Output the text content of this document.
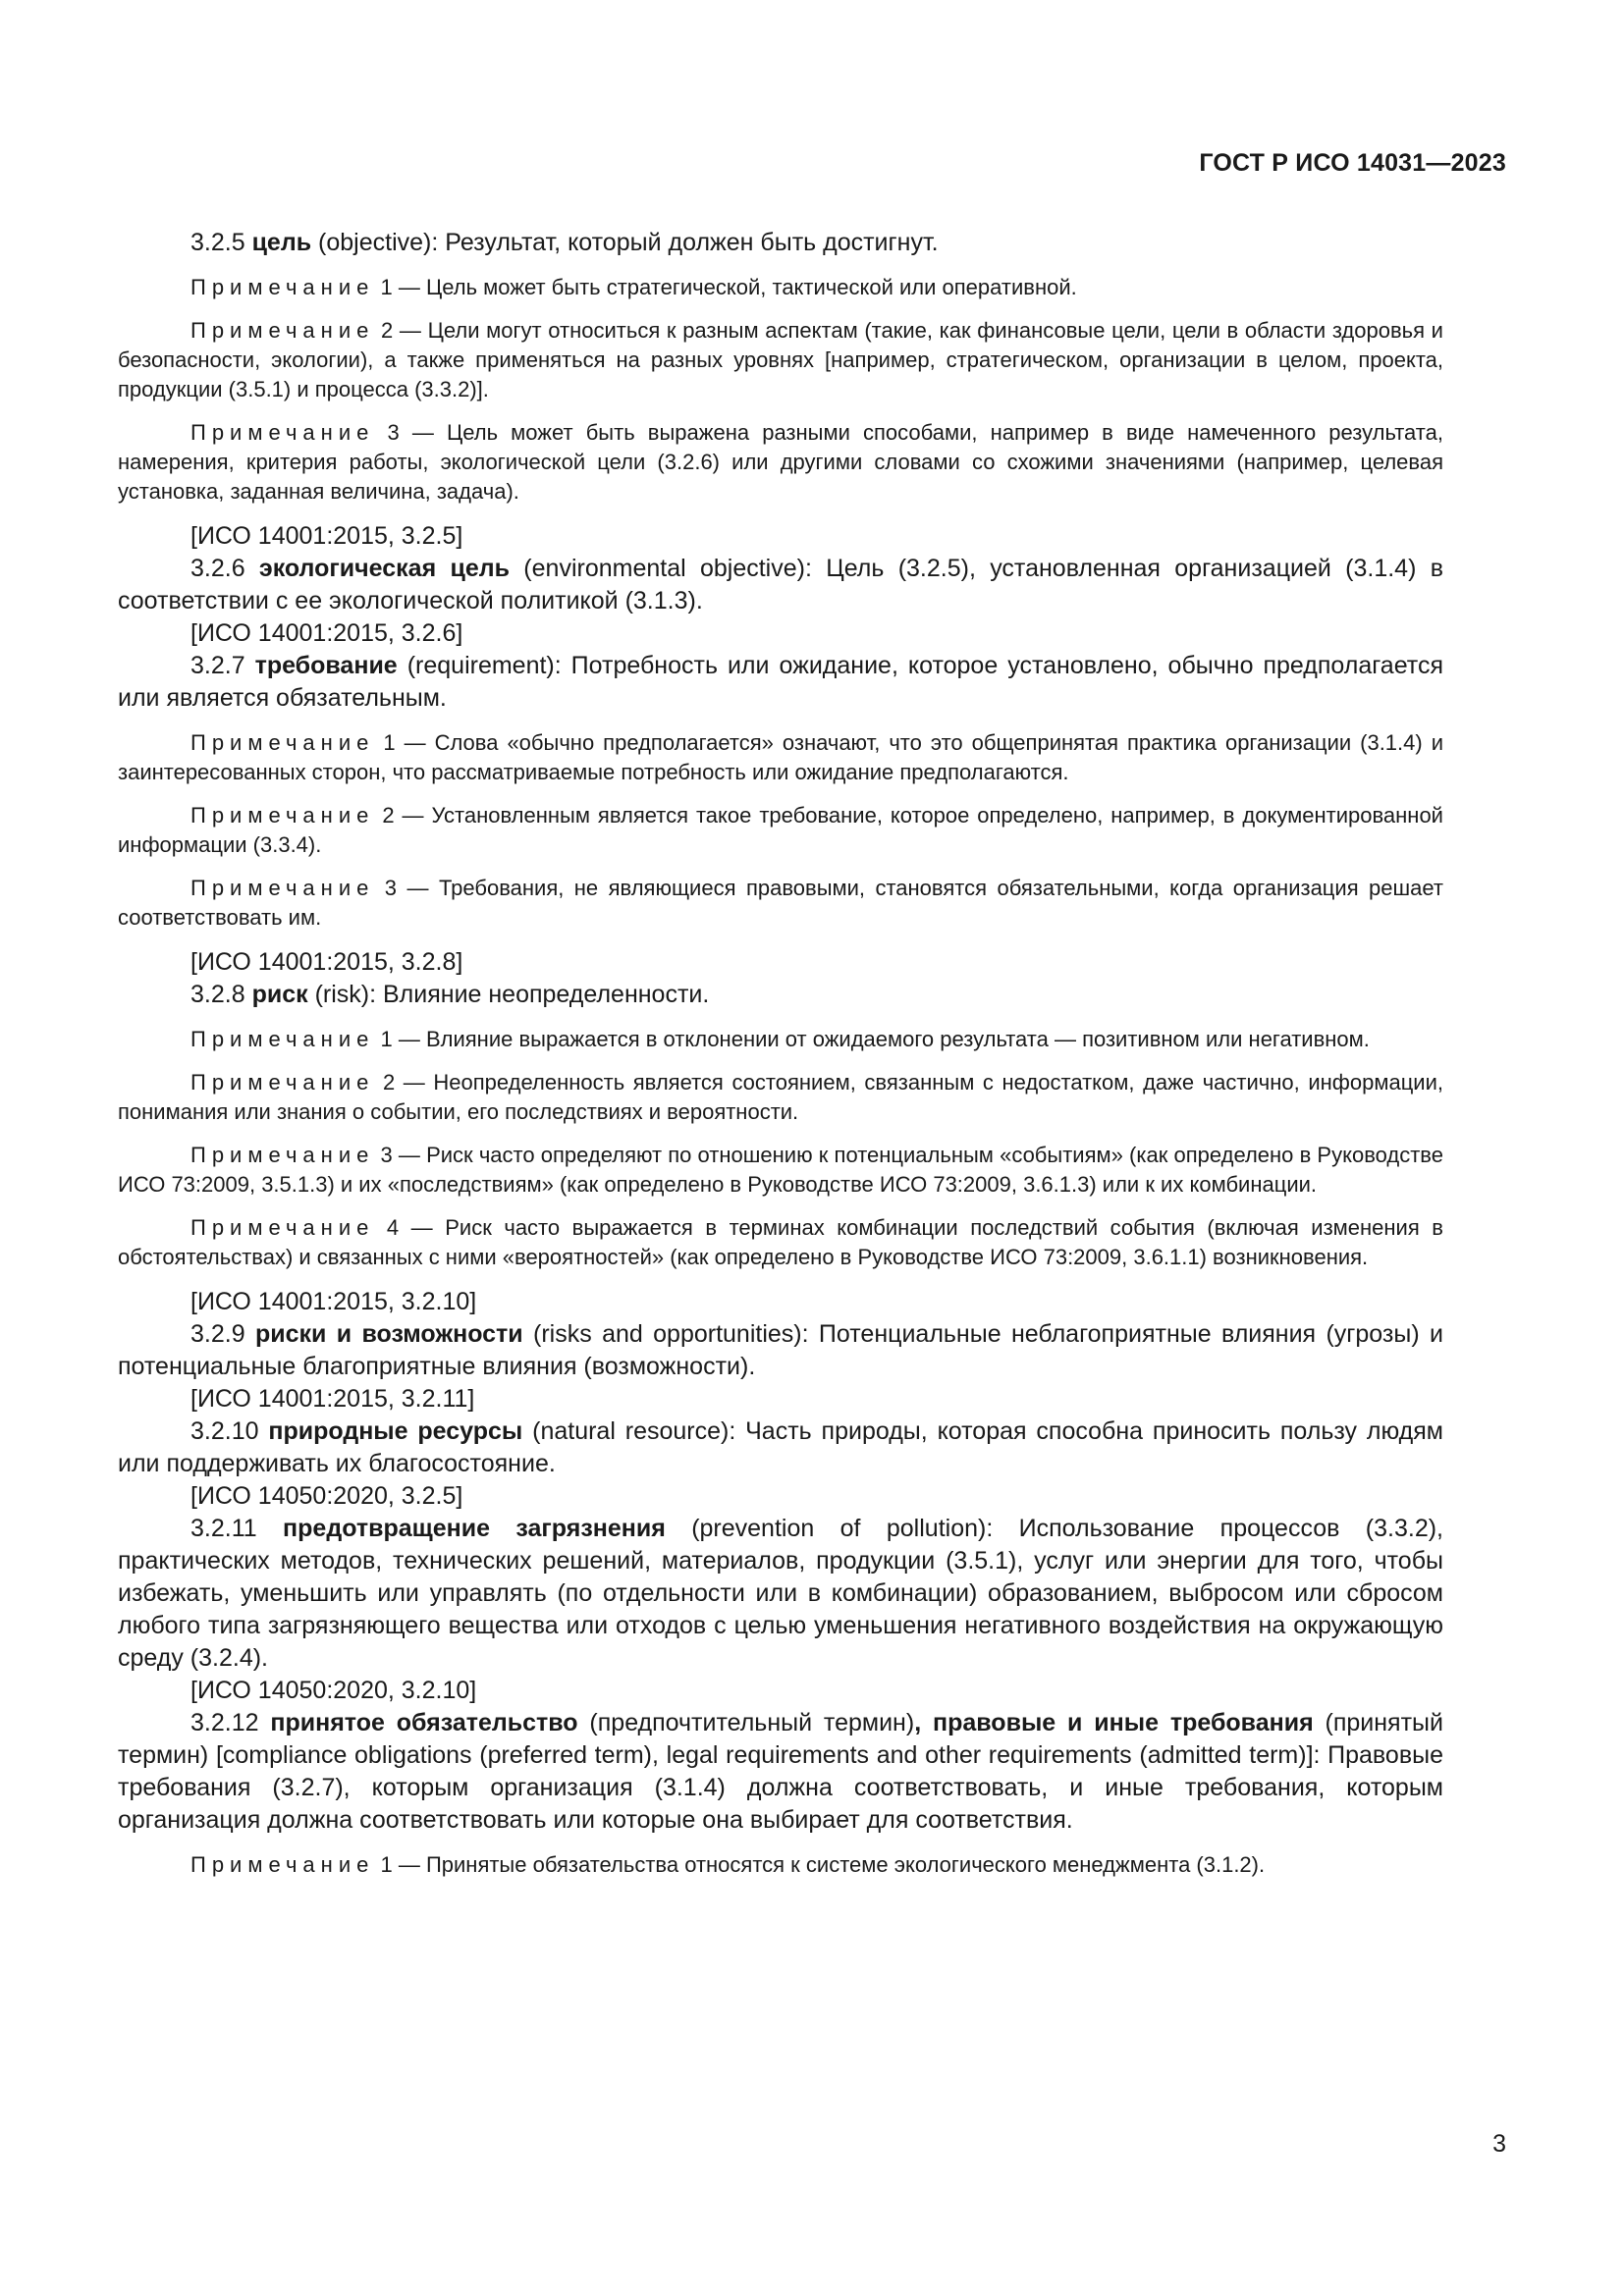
ГОСТ Р ИСО 14031—2023

3.2.5 цель (objective): Результат, который должен быть достигнут.

Примечание 1 — Цель может быть стратегической, тактической или оперативной.

Примечание 2 — Цели могут относиться к разным аспектам (такие, как финансовые цели, цели в области здоровья и безопасности, экологии), а также применяться на разных уровнях [например, стратегическом, организации в целом, проекта, продукции (3.5.1) и процесса (3.3.2)].

Примечание 3 — Цель может быть выражена разными способами, например в виде намеченного результата, намерения, критерия работы, экологической цели (3.2.6) или другими словами со схожими значениями (например, целевая установка, заданная величина, задача).

[ИСО 14001:2015, 3.2.5]

3.2.6 экологическая цель (environmental objective): Цель (3.2.5), установленная организацией (3.1.4) в соответствии с ее экологической политикой (3.1.3).

[ИСО 14001:2015, 3.2.6]

3.2.7 требование (requirement): Потребность или ожидание, которое установлено, обычно предполагается или является обязательным.

Примечание 1 — Слова «обычно предполагается» означают, что это общепринятая практика организации (3.1.4) и заинтересованных сторон, что рассматриваемые потребность или ожидание предполагаются.

Примечание 2 — Установленным является такое требование, которое определено, например, в документированной информации (3.3.4).

Примечание 3 — Требования, не являющиеся правовыми, становятся обязательными, когда организация решает соответствовать им.

[ИСО 14001:2015, 3.2.8]

3.2.8 риск (risk): Влияние неопределенности.

Примечание 1 — Влияние выражается в отклонении от ожидаемого результата — позитивном или негативном.

Примечание 2 — Неопределенность является состоянием, связанным с недостатком, даже частично, информации, понимания или знания о событии, его последствиях и вероятности.

Примечание 3 — Риск часто определяют по отношению к потенциальным «событиям» (как определено в Руководстве ИСО 73:2009, 3.5.1.3) и их «последствиям» (как определено в Руководстве ИСО 73:2009, 3.6.1.3) или к их комбинации.

Примечание 4 — Риск часто выражается в терминах комбинации последствий события (включая изменения в обстоятельствах) и связанных с ними «вероятностей» (как определено в Руководстве ИСО 73:2009, 3.6.1.1) возникновения.

[ИСО 14001:2015, 3.2.10]

3.2.9 риски и возможности (risks and opportunities): Потенциальные неблагоприятные влияния (угрозы) и потенциальные благоприятные влияния (возможности).

[ИСО 14001:2015, 3.2.11]

3.2.10 природные ресурсы (natural resource): Часть природы, которая способна приносить пользу людям или поддерживать их благосостояние.

[ИСО 14050:2020, 3.2.5]

3.2.11 предотвращение загрязнения (prevention of pollution): Использование процессов (3.3.2), практических методов, технических решений, материалов, продукции (3.5.1), услуг или энергии для того, чтобы избежать, уменьшить или управлять (по отдельности или в комбинации) образованием, выбросом или сбросом любого типа загрязняющего вещества или отходов с целью уменьшения негативного воздействия на окружающую среду (3.2.4).

[ИСО 14050:2020, 3.2.10]

3.2.12 принятое обязательство (предпочтительный термин), правовые и иные требования (принятый термин) [compliance obligations (preferred term), legal requirements and other requirements (admitted term)]: Правовые требования (3.2.7), которым организация (3.1.4) должна соответствовать, и иные требования, которым организация должна соответствовать или которые она выбирает для соответствия.

Примечание 1 — Принятые обязательства относятся к системе экологического менеджмента (3.1.2).

3
